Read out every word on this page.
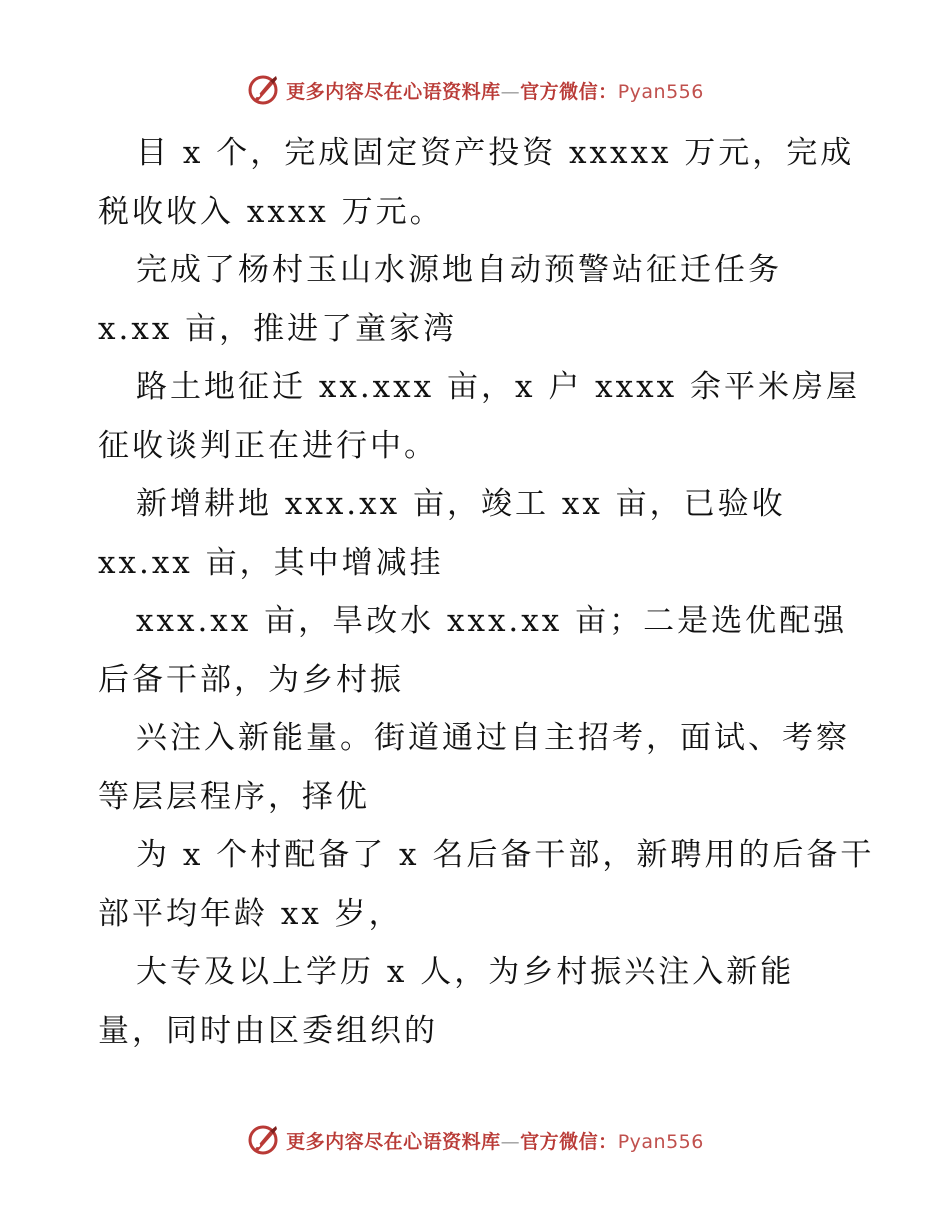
更多内容尽在心语资料库—官方微信：Pyan556
目 x 个，完成固定资产投资 xxxxx 万元，完成
税收收入 xxxx 万元。
完成了杨村玉山水源地自动预警站征迁任务
x.xx 亩，推进了童家湾
路土地征迁 xx.xxx 亩，x 户 xxxx 余平米房屋
征收谈判正在进行中。
新增耕地 xxx.xx 亩，竣工 xx 亩，已验收
xx.xx 亩，其中增减挂
xxx.xx 亩，旱改水 xxx.xx 亩；二是选优配强
后备干部，为乡村振
兴注入新能量。街道通过自主招考，面试、考察
等层层程序，择优
为 x 个村配备了 x 名后备干部，新聘用的后备干
部平均年龄 xx 岁，
大专及以上学历 x 人，为乡村振兴注入新能
量，同时由区委组织的
更多内容尽在心语资料库—官方微信：Pyan556
